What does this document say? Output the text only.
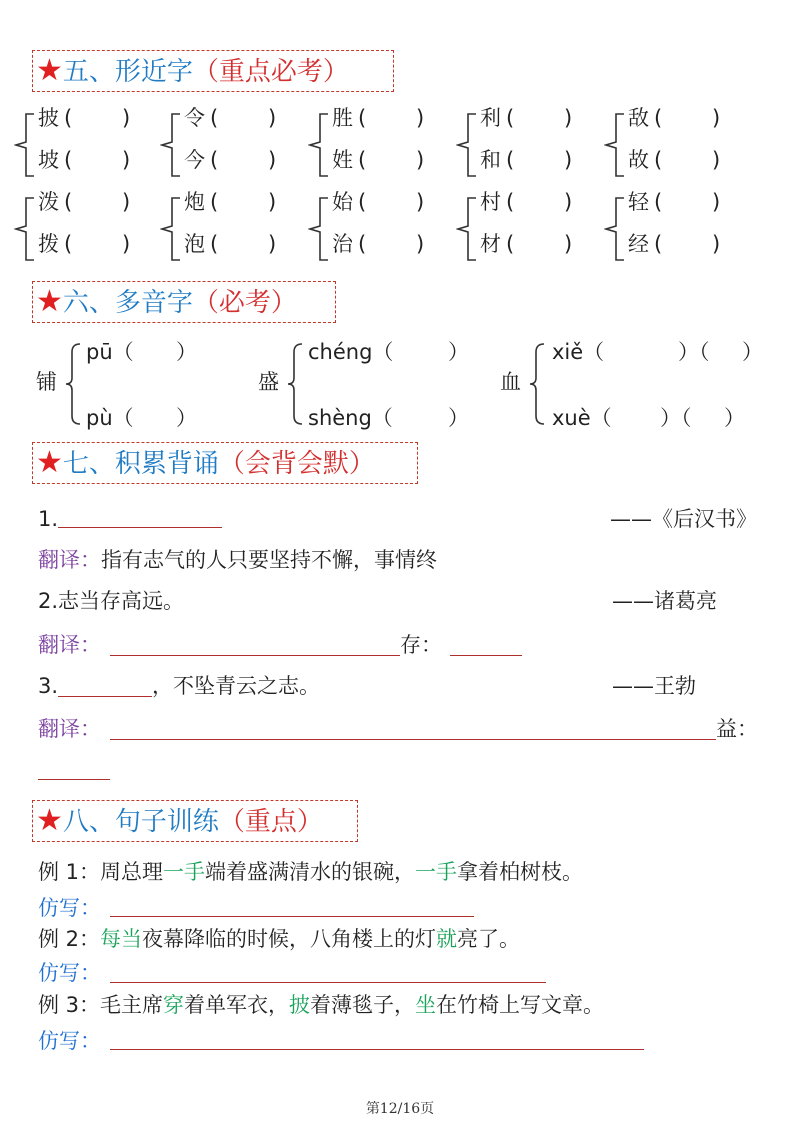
★五、形近字（重点必考）
披 ( )
坡 ( )
令 ( )
今 ( )
胜 ( )
姓 ( )
利 ( )
和 ( )
敌 ( )
故 ( )
泼 ( )
拨 ( )
炮 ( )
泡 ( )
始 ( )
治 ( )
村 ( )
材 ( )
轻 ( )
经 ( )
★六、多音字（必考）
铺
pū（ ）
pù（ ）
盛
chéng（	）
shèng（	）
血
xiě（	）（ ）
xuè（ ）（ ）
★七、积累背诵（会背会默）
1.	——《后汉书》
翻译：指有志气的人只要坚持不懈，事情终
2.志当存高远。	——诸葛亮
翻译：	存：
3.	，不坠青云之志。	——王勃
翻译：	益：
★八、句子训练（重点）
例 1：周总理一手端着盛满清水的银碗，一手拿着柏树枝。
仿写：
例 2：每当夜幕降临的时候，八角楼上的灯就亮了。
仿写：
例 3：毛主席穿着单军衣，披着薄毯子，坐在竹椅上写文章。
仿写：
第12/16页
